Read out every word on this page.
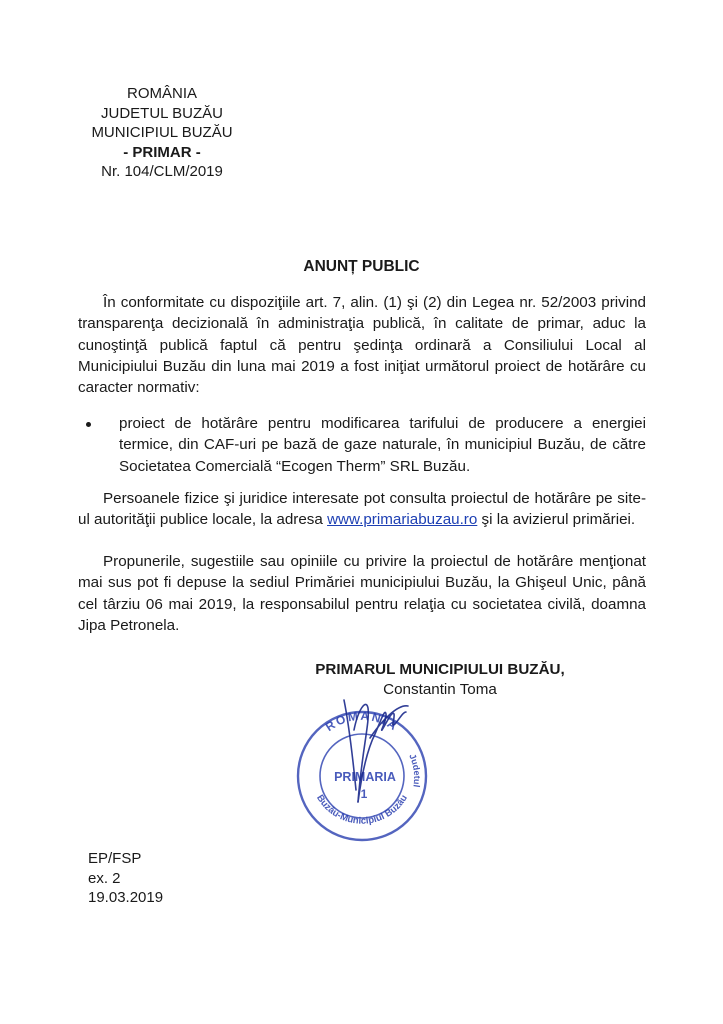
ROMÂNIA
JUDETUL BUZĂU
MUNICIPIUL BUZĂU
- PRIMAR -
Nr. 104/CLM/2019
ANUNȚ PUBLIC

În conformitate cu dispoziţiile art. 7, alin. (1) şi (2) din Legea nr. 52/2003 privind transparenţa decizională în administraţia publică, în calitate de primar, aduc la cunoştinţă publică faptul că pentru şedinţa ordinară a Consiliului Local al Municipiului Buzău din luna mai 2019 a fost iniţiat următorul proiect de hotărâre cu caracter normativ:

proiect de hotărâre pentru modificarea tarifului de producere a energiei termice, din CAF-uri pe bază de gaze naturale, în municipiul Buzău, de către Societatea Comercială “Ecogen Therm” SRL Buzău.

Persoanele fizice şi juridice interesate pot consulta proiectul de hotărâre pe site-ul autorităţii publice locale, la adresa www.primariabuzau.ro şi la avizierul primăriei.

Propunerile, sugestiile sau opiniile cu privire la proiectul de hotărâre menţionat mai sus pot fi depuse la sediul Primăriei municipiului Buzău, la Ghişeul Unic, până cel târziu 06 mai 2019, la responsabilul pentru relaţia cu societatea civilă, doamna Jipa Petronela.

PRIMARUL MUNICIPIULUI BUZĂU,
Constantin Toma
ROMANIA
Judetul
Buzău-Municipiul Buzău
PRIMARIA
1
EP/FSP
ex. 2
19.03.2019
